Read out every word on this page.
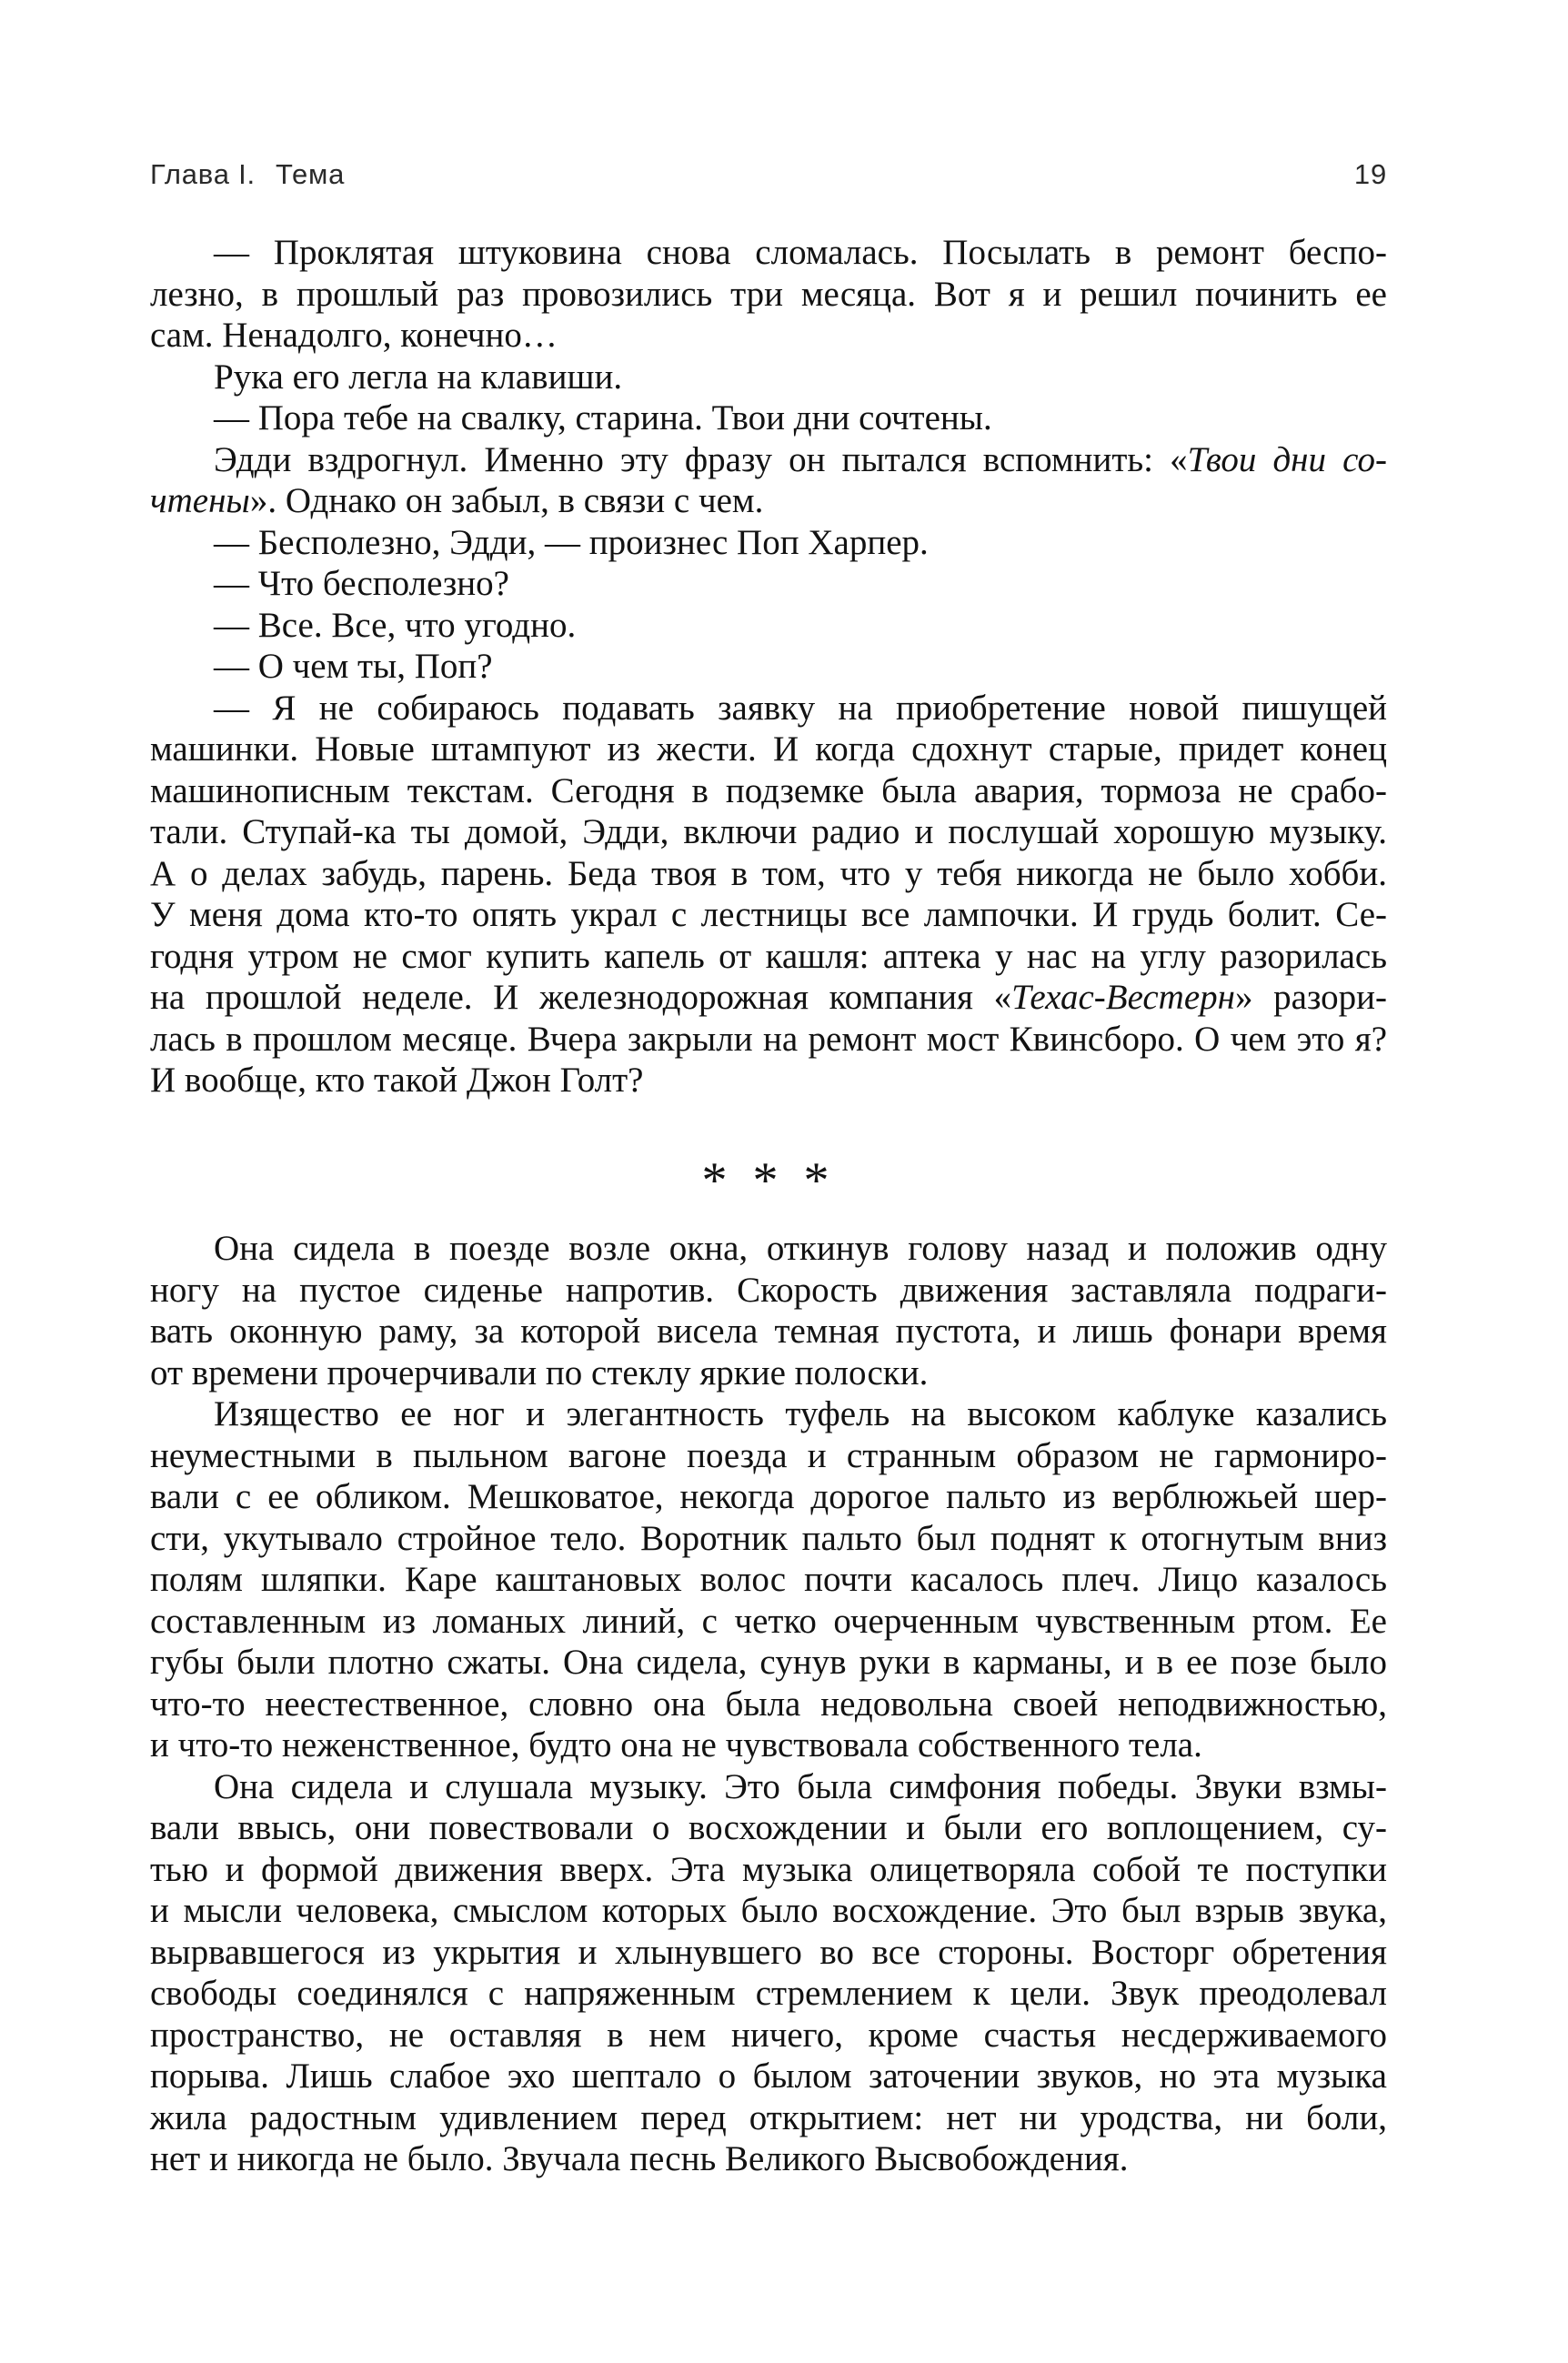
Глава I. Тема	19
— Проклятая штуковина снова сломалась. Посылать в ремонт беспо-
лезно, в прошлый раз провозились три месяца. Вот я и решил починить ее
сам. Ненадолго, конечно…
Рука его легла на клавиши.
— Пора тебе на свалку, старина. Твои дни сочтены.
Эдди вздрогнул. Именно эту фразу он пытался вспомнить: «Твои дни со-
чтены». Однако он забыл, в связи с чем.
— Бесполезно, Эдди, — произнес Поп Харпер.
— Что бесполезно?
— Все. Все, что угодно.
— О чем ты, Поп?
— Я не собираюсь подавать заявку на приобретение новой пишущей
машинки. Новые штампуют из жести. И когда сдохнут старые, придет конец
машинописным текстам. Сегодня в подземке была авария, тормоза не срабо-
тали. Ступай-ка ты домой, Эдди, включи радио и послушай хорошую музыку.
А о делах забудь, парень. Беда твоя в том, что у тебя никогда не было хобби.
У меня дома кто-то опять украл с лестницы все лампочки. И грудь болит. Се-
годня утром не смог купить капель от кашля: аптека у нас на углу разорилась
на прошлой неделе. И железнодорожная компания «Техас-Вестерн» разори-
лась в прошлом месяце. Вчера закрыли на ремонт мост Квинсборо. О чем это я?
И вообще, кто такой Джон Голт?
* * *
Она сидела в поезде возле окна, откинув голову назад и положив одну
ногу на пустое сиденье напротив. Скорость движения заставляла подраги-
вать оконную раму, за которой висела темная пустота, и лишь фонари время
от времени прочерчивали по стеклу яркие полоски.
Изящество ее ног и элегантность туфель на высоком каблуке казались
неуместными в пыльном вагоне поезда и странным образом не гармониро-
вали с ее обликом. Мешковатое, некогда дорогое пальто из верблюжьей шер-
сти, укутывало стройное тело. Воротник пальто был поднят к отогнутым вниз
полям шляпки. Каре каштановых волос почти касалось плеч. Лицо казалось
составленным из ломаных линий, с четко очерченным чувственным ртом. Ее
губы были плотно сжаты. Она сидела, сунув руки в карманы, и в ее позе было
что-то неестественное, словно она была недовольна своей неподвижностью,
и что-то неженственное, будто она не чувствовала собственного тела.
Она сидела и слушала музыку. Это была симфония победы. Звуки взмы-
вали ввысь, они повествовали о восхождении и были его воплощением, су-
тью и формой движения вверх. Эта музыка олицетворяла собой те поступки
и мысли человека, смыслом которых было восхождение. Это был взрыв звука,
вырвавшегося из укрытия и хлынувшего во все стороны. Восторг обретения
свободы соединялся с напряженным стремлением к цели. Звук преодолевал
пространство, не оставляя в нем ничего, кроме счастья несдерживаемого
порыва. Лишь слабое эхо шептало о былом заточении звуков, но эта музыка
жила радостным удивлением перед открытием: нет ни уродства, ни боли,
нет и никогда не было. Звучала песнь Великого Высвобождения.
